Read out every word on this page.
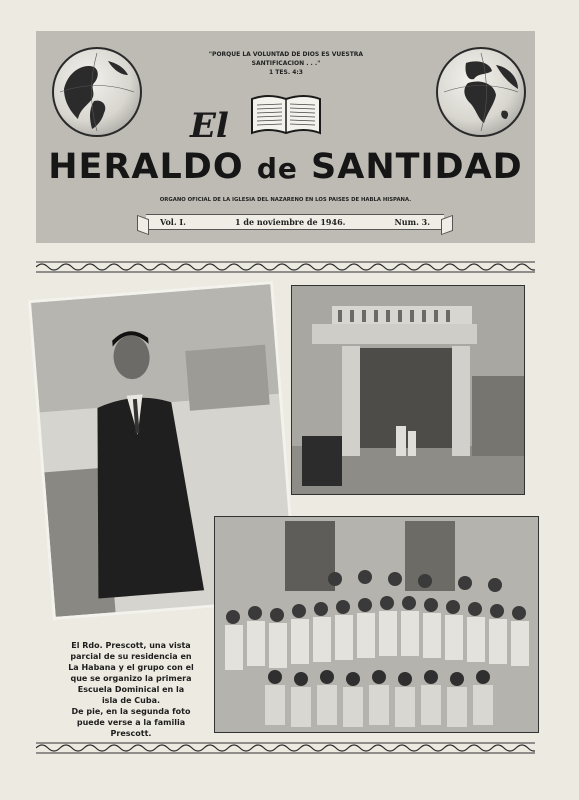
"PORQUE LA VOLUNTAD DE DIOS ES VUESTRA
SANTIFICACION . . ."
1 TES. 4:3
El
HERALDO de SANTIDAD
ORGANO OFICIAL DE LA IGLESIA DEL NAZARENO EN LOS PAISES DE HABLA HISPANA.
Vol. I.	1 de noviembre de 1946.	Num. 3.
El Rdo. Prescott, una vista
parcial de su residencia en
La Habana y el grupo con el
que se organizo la primera
Escuela Dominical en la
isla de Cuba.
De pie, en la segunda foto
puede verse a la familia
Prescott.
